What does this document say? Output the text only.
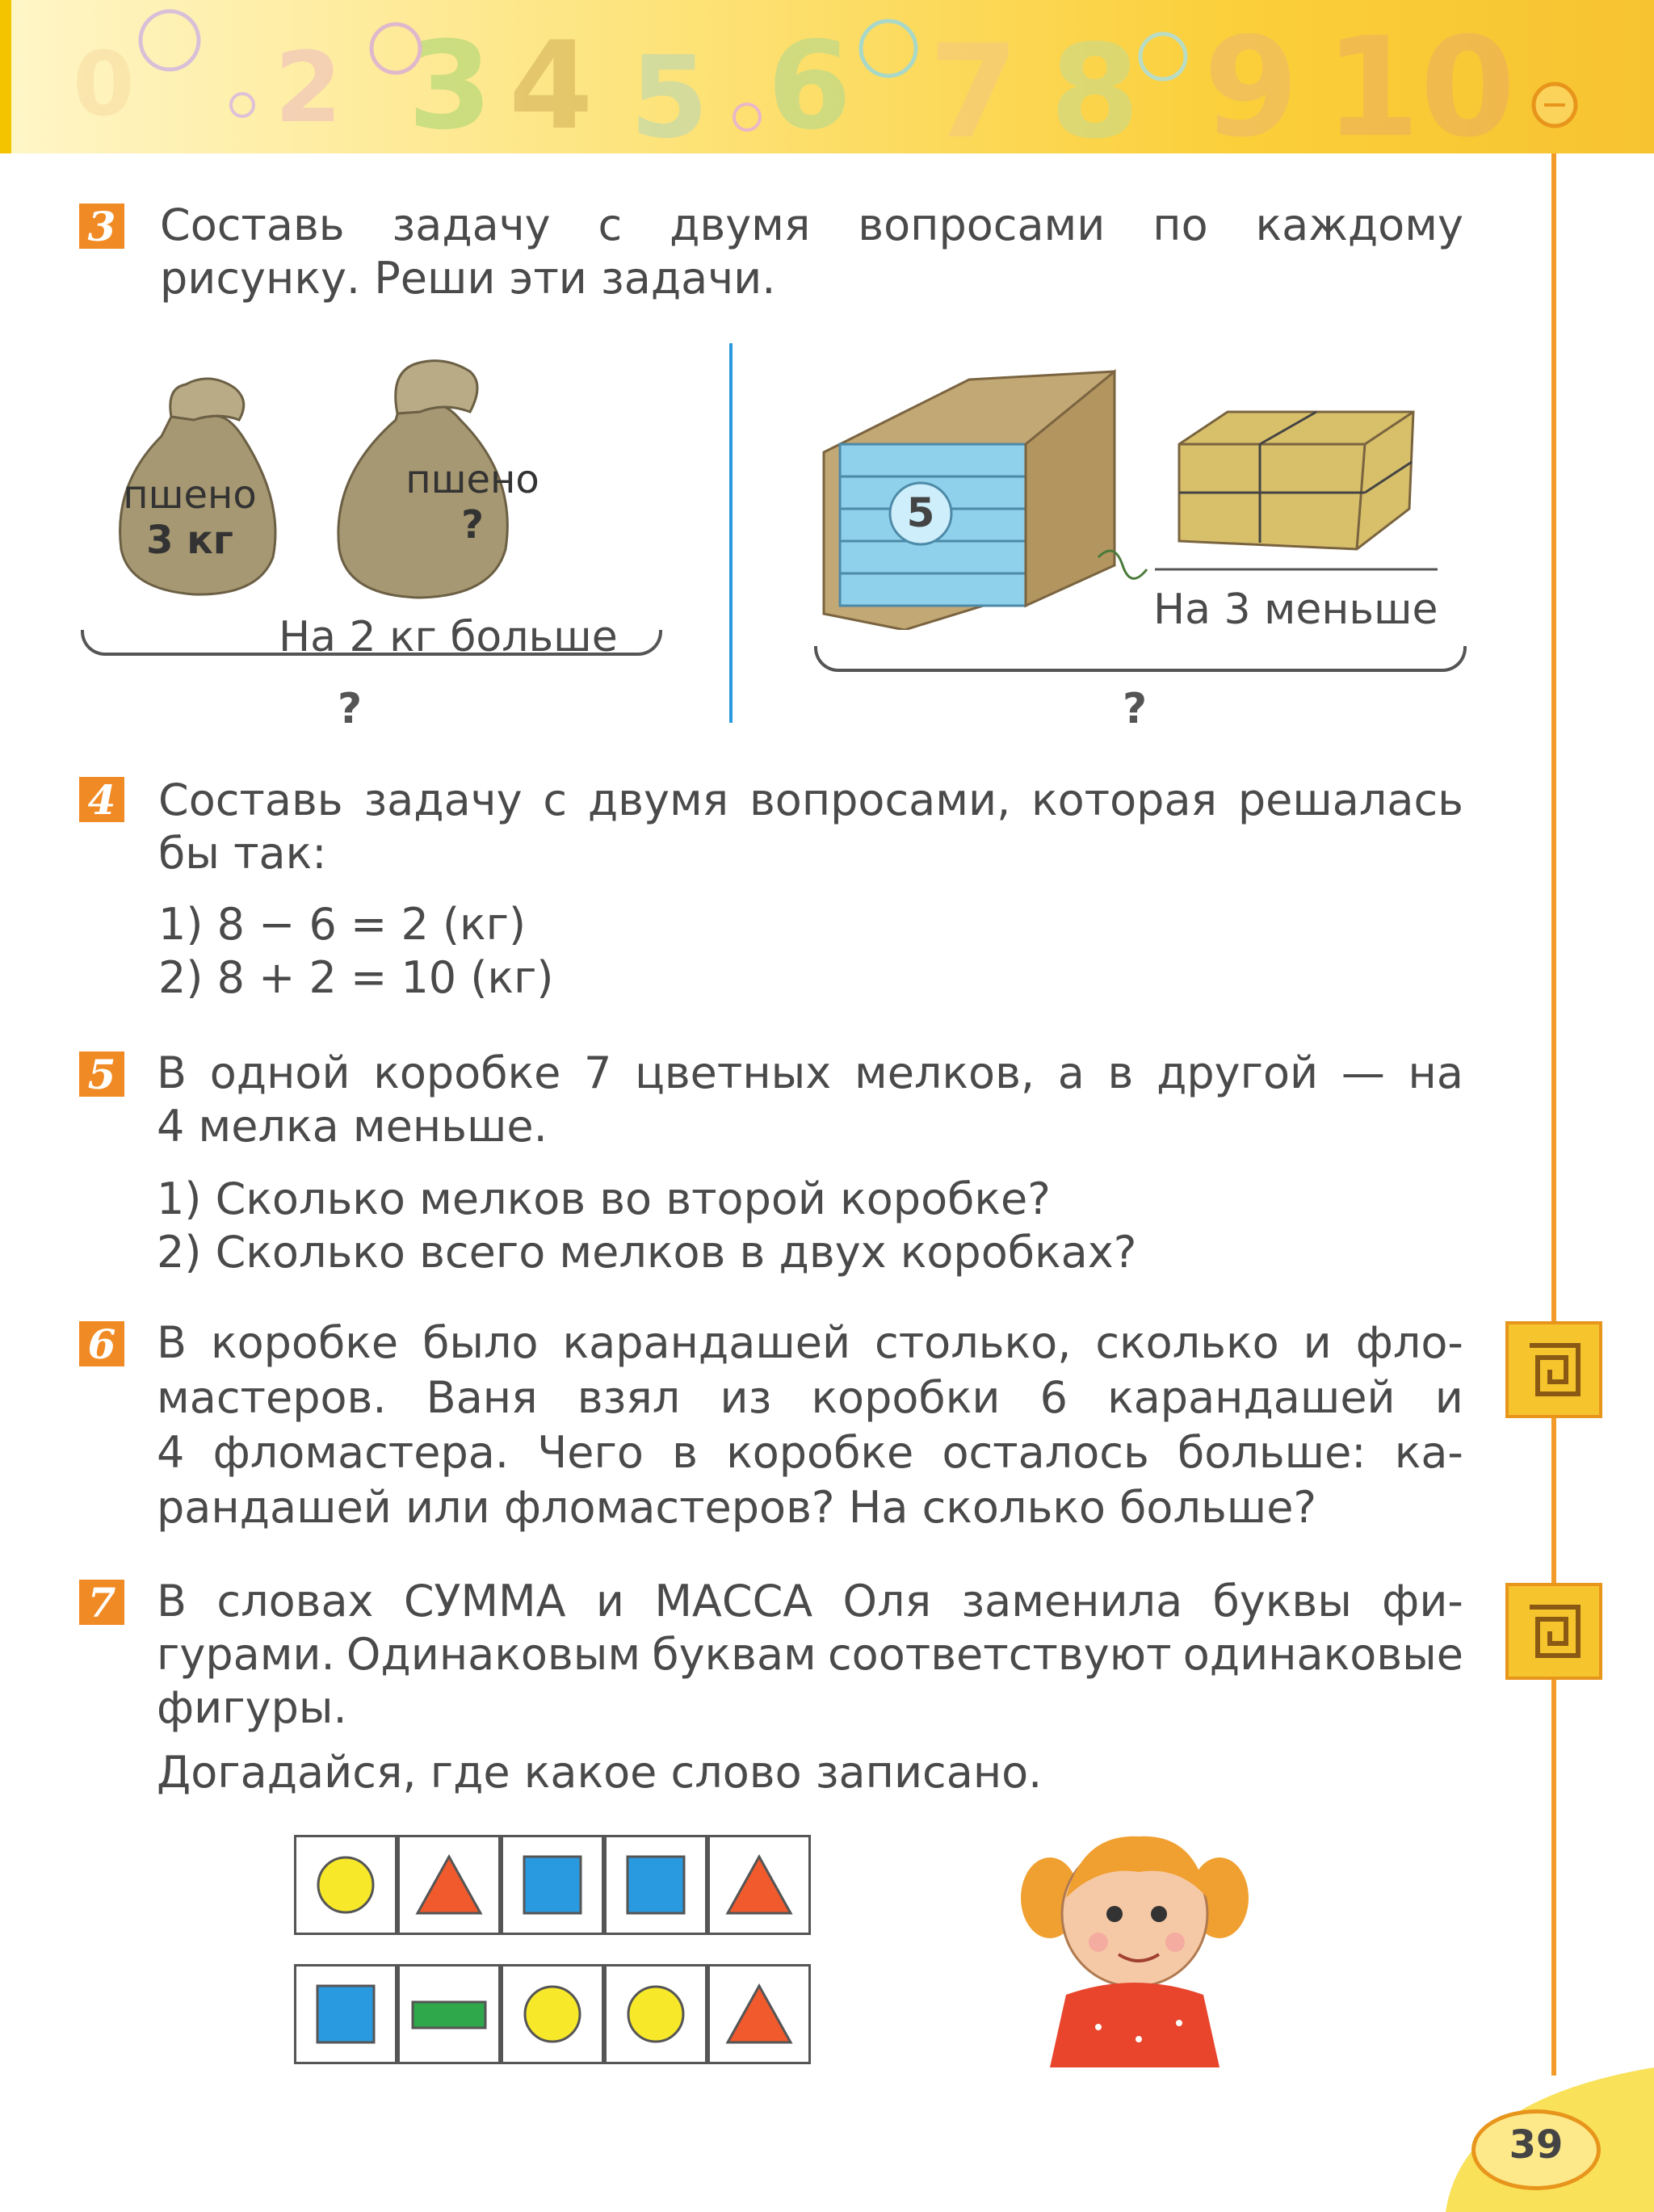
0 2 3 4 5 6 7 8 9 10
3 Составь задачу с двумя вопросами по каждому
рисунку. Реши эти задачи.
пшено
3 кг
пшено
?
На 2 кг больше
?
5
На 3 меньше
?
4 Составь задачу с двумя вопросами, которая решалась
бы так:
1) 8 − 6 = 2 (кг)
2) 8 + 2 = 10 (кг)
5 В одной коробке 7 цветных мелков, а в другой — на
4 мелка меньше.
1) Сколько мелков во второй коробке?
2) Сколько всего мелков в двух коробках?
6 В коробке было карандашей столько, сколько и фло-
мастеров. Ваня взял из коробки 6 карандашей и
4 фломастера. Чего в коробке осталось больше: ка-
рандашей или фломастеров? На сколько больше?
7 В словах СУММА и МАССА Оля заменила буквы фи-
гурами. Одинаковым буквам соответствуют одинаковые
фигуры.
Догадайся, где какое слово записано.
39
